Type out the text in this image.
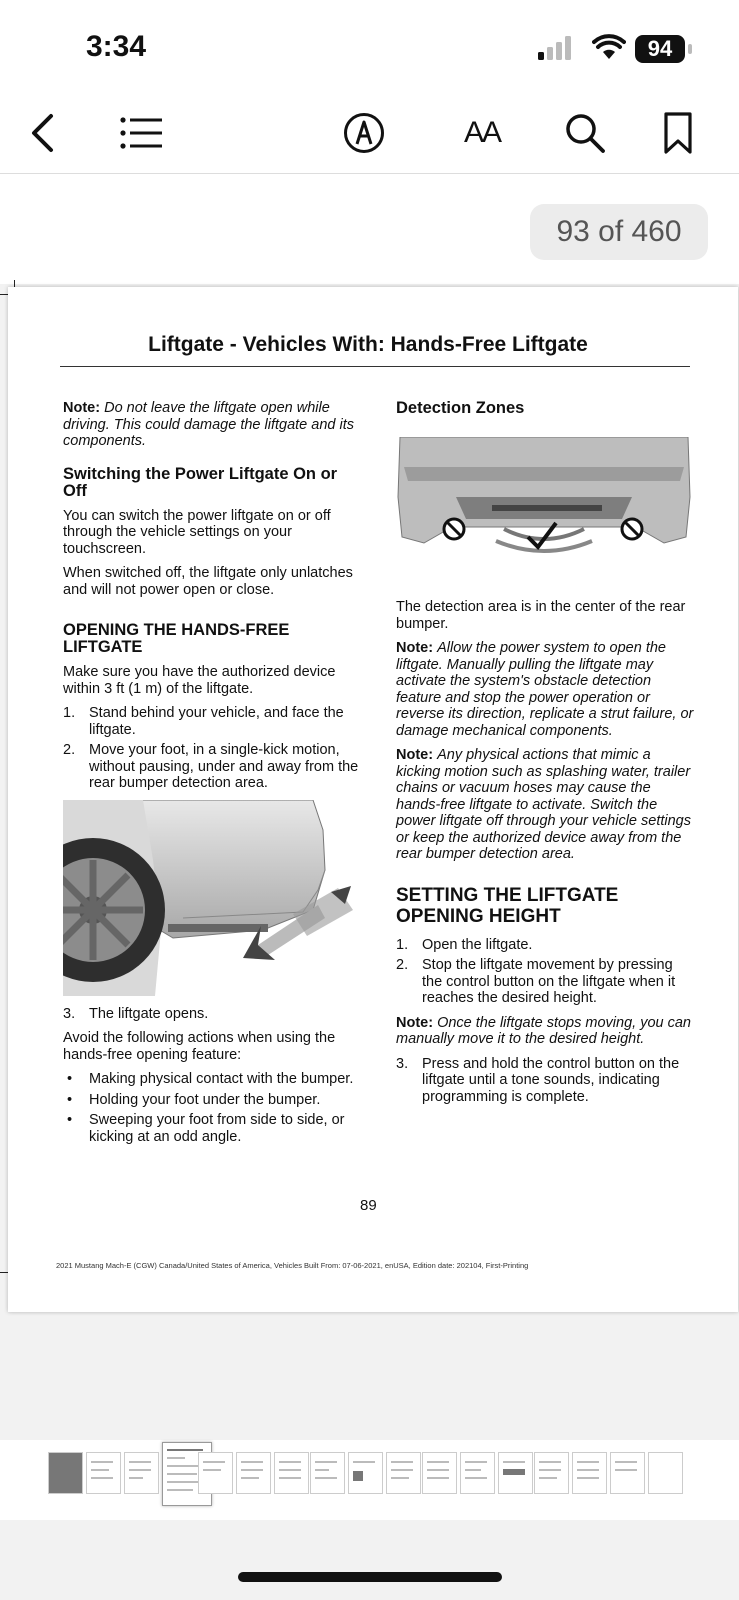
3:34	94
AA
93 of 460
Liftgate - Vehicles With: Hands-Free Liftgate

Note: Do not leave the liftgate open while driving. This could damage the liftgate and its components.

Switching the Power Liftgate On or Off

You can switch the power liftgate on or off through the vehicle settings on your touchscreen.

When switched off, the liftgate only unlatches and will not power open or close.

OPENING THE HANDS-FREE LIFTGATE

Make sure you have the authorized device within 3 ft (1 m) of the liftgate.

1. Stand behind your vehicle, and face the liftgate.
2. Move your foot, in a single-kick motion, without pausing, under and away from the rear bumper detection area.
3. The liftgate opens.

Avoid the following actions when using the hands-free opening feature:

• Making physical contact with the bumper.
• Holding your foot under the bumper.
• Sweeping your foot from side to side, or kicking at an odd angle.
Detection Zones

The detection area is in the center of the rear bumper.

Note: Allow the power system to open the liftgate. Manually pulling the liftgate may activate the system's obstacle detection feature and stop the power operation or reverse its direction, replicate a strut failure, or damage mechanical components.

Note: Any physical actions that mimic a kicking motion such as splashing water, trailer chains or vacuum hoses may cause the hands-free liftgate to activate. Switch the power liftgate off through your vehicle settings or keep the authorized device away from the rear bumper detection area.

SETTING THE LIFTGATE OPENING HEIGHT
1. Open the liftgate.
2. Stop the liftgate movement by pressing the control button on the liftgate when it reaches the desired height.

Note: Once the liftgate stops moving, you can manually move it to the desired height.

3. Press and hold the control button on the liftgate until a tone sounds, indicating programming is complete.
89
2021 Mustang Mach-E (CGW) Canada/United States of America, Vehicles Built From: 07-06-2021, enUSA, Edition date: 202104, First-Printing
